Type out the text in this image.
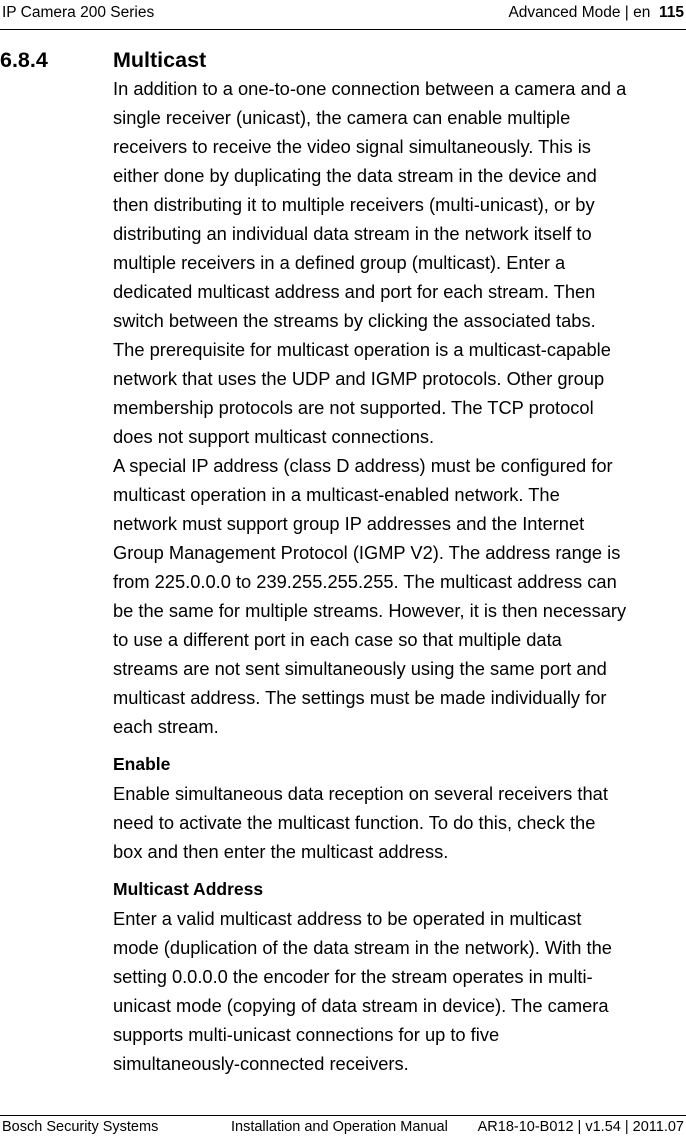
IP Camera 200 Series	Advanced Mode | en 115
6.8.4	Multicast

In addition to a one-to-one connection between a camera and a

single receiver (unicast), the camera can enable multiple

receivers to receive the video signal simultaneously. This is

either done by duplicating the data stream in the device and

then distributing it to multiple receivers (multi-unicast), or by

distributing an individual data stream in the network itself to

multiple receivers in a defined group (multicast). Enter a

dedicated multicast address and port for each stream. Then

switch between the streams by clicking the associated tabs.

The prerequisite for multicast operation is a multicast-capable

network that uses the UDP and IGMP protocols. Other group

membership protocols are not supported. The TCP protocol

does not support multicast connections.

A special IP address (class D address) must be configured for

multicast operation in a multicast-enabled network. The

network must support group IP addresses and the Internet

Group Management Protocol (IGMP V2). The address range is

from 225.0.0.0 to 239.255.255.255. The multicast address can

be the same for multiple streams. However, it is then necessary

to use a different port in each case so that multiple data

streams are not sent simultaneously using the same port and

multicast address. The settings must be made individually for

each stream.

Enable

Enable simultaneous data reception on several receivers that

need to activate the multicast function. To do this, check the

box and then enter the multicast address.

Multicast Address

Enter a valid multicast address to be operated in multicast

mode (duplication of the data stream in the network). With the

setting 0.0.0.0 the encoder for the stream operates in multi-

unicast mode (copying of data stream in device). The camera

supports multi-unicast connections for up to five

simultaneously-connected receivers.

Bosch Security Systems	Installation and Operation Manual AR18-10-B012 | v1.54 | 2011.07
